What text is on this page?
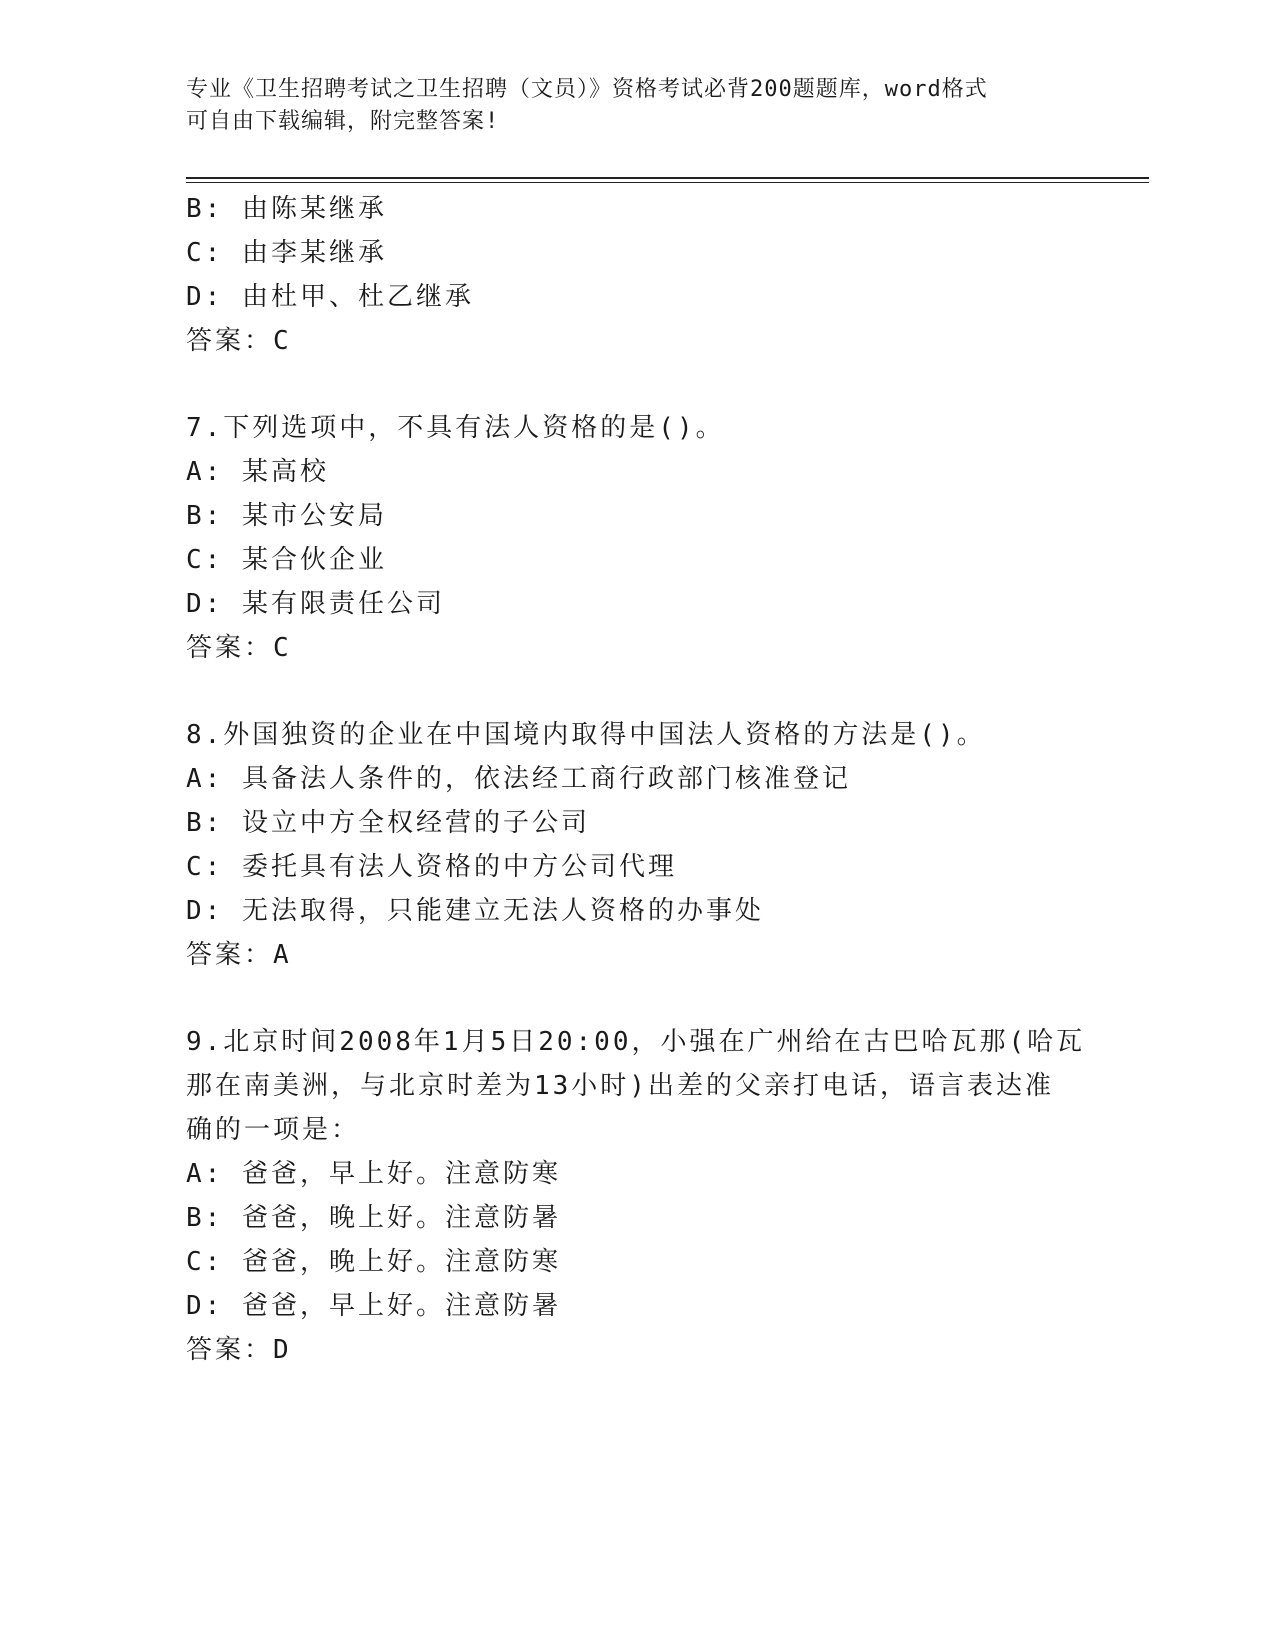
专业《卫生招聘考试之卫生招聘（文员）》资格考试必背200题题库，word格式
可自由下载编辑，附完整答案!
B: 由陈某继承
C: 由李某继承
D: 由杜甲、杜乙继承
答案：C
7.下列选项中，不具有法人资格的是()。
A: 某高校
B: 某市公安局
C: 某合伙企业
D: 某有限责任公司
答案：C
8.外国独资的企业在中国境内取得中国法人资格的方法是()。
A: 具备法人条件的，依法经工商行政部门核准登记
B: 设立中方全权经营的子公司
C: 委托具有法人资格的中方公司代理
D: 无法取得，只能建立无法人资格的办事处
答案：A
9.北京时间2008年1月5日20:00，小强在广州给在古巴哈瓦那(哈瓦
那在南美洲，与北京时差为13小时)出差的父亲打电话，语言表达准
确的一项是：
A: 爸爸，早上好。注意防寒
B: 爸爸，晚上好。注意防暑
C: 爸爸，晚上好。注意防寒
D: 爸爸，早上好。注意防暑
答案：D
